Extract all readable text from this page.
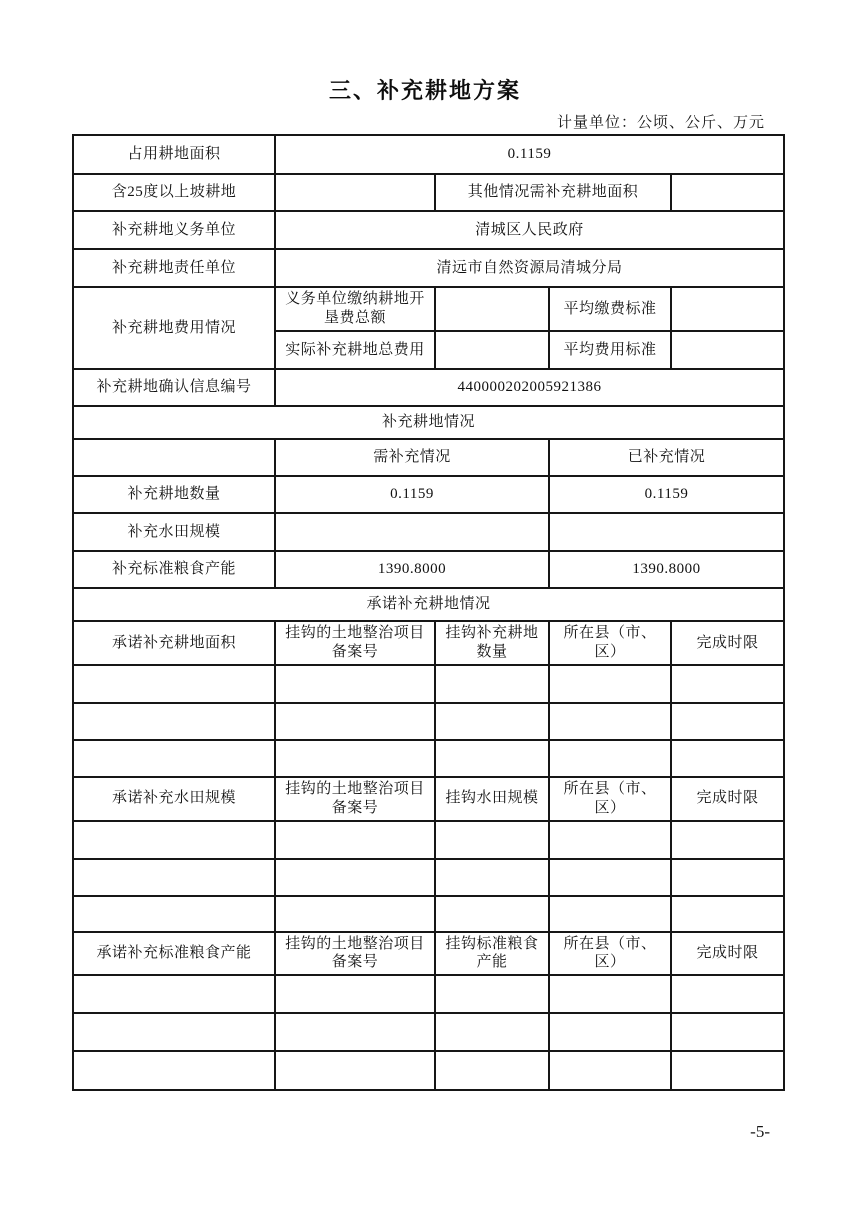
三、补充耕地方案
计量单位：公顷、公斤、万元
占用耕地面积	0.1159			
含25度以上坡耕地		其他情况需补充耕地面积		
补充耕地义务单位	清城区人民政府			
补充耕地责任单位	清远市自然资源局清城分局			
补充耕地费用情况	义务单位缴纳耕地开垦费总额		平均缴费标准	
	实际补充耕地总费用		平均费用标准	
补充耕地确认信息编号	440000202005921386			
补充耕地情况				
	需补充情况		已补充情况	
补充耕地数量	0.1159		0.1159	
补充水田规模				
补充标准粮食产能	1390.8000		1390.8000	
承诺补充耕地情况				
承诺补充耕地面积	挂钩的土地整治项目备案号	挂钩补充耕地数量	所在县（市、区）	完成时限

承诺补充水田规模	挂钩的土地整治项目备案号	挂钩水田规模	所在县（市、区）	完成时限

承诺补充标准粮食产能	挂钩的土地整治项目备案号	挂钩标准粮食产能	所在县（市、区）	完成时限

-5-
